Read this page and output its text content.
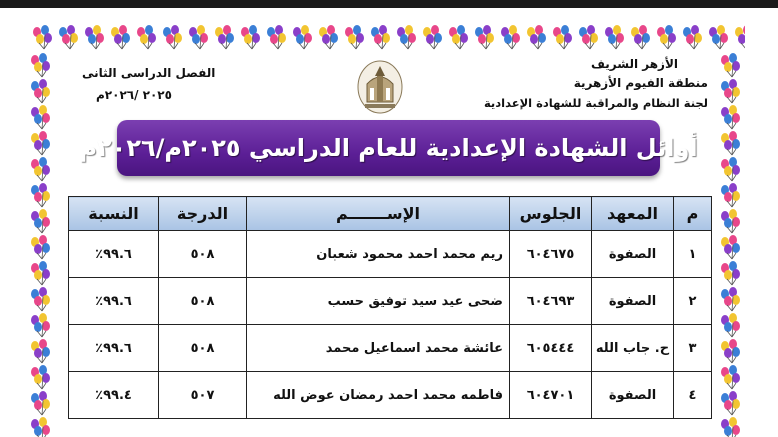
الأزهر الشريف
منطقة الفيوم الأزهرية
لجنة النظام والمراقبة للشهادة الإعدادية
الفصل الدراسى الثانى
٢٠٢٥ /٢٠٢٦م
أوائل الشهادة الإعدادية للعام الدراسي ٢٠٢٥م/٢٠٢٦م
م	المعهد	الجلوس	الإســـــــم	الدرجة	النسبة
١	الصفوة	٦٠٤٦٧٥	ريم محمد احمد محمود شعبان	٥٠٨	٩٩.٦٪
٢	الصفوة	٦٠٤٦٩٣	ضحى عيد سيد توفيق حسب	٥٠٨	٩٩.٦٪
٣	ح. جاب الله	٦٠٥٤٤٤	عائشة محمد اسماعيل محمد	٥٠٨	٩٩.٦٪
٤	الصفوة	٦٠٤٧٠١	فاطمه محمد احمد رمضان عوض الله	٥٠٧	٩٩.٤٪
